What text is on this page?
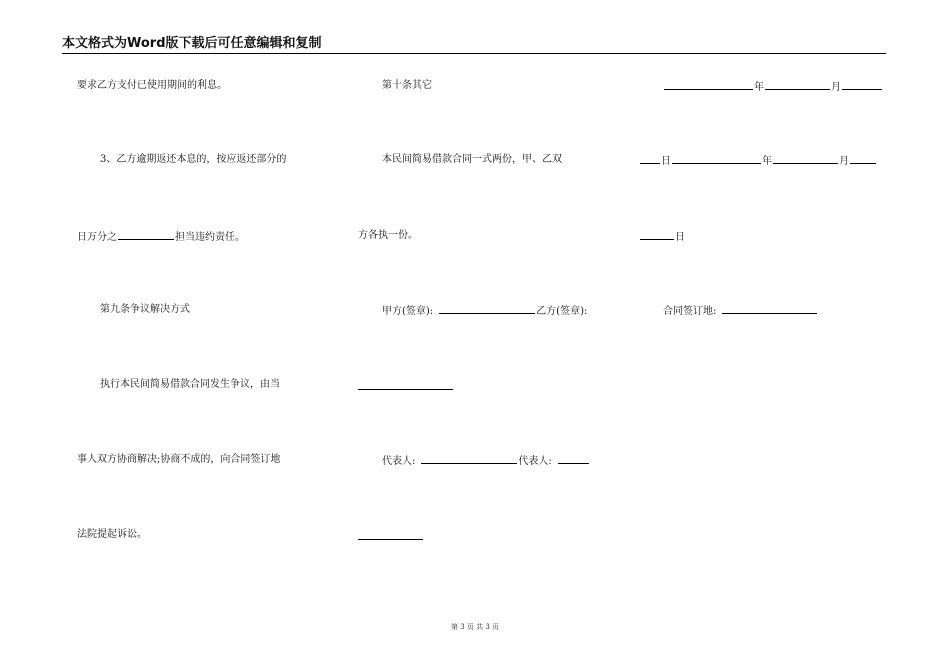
本文格式为Word版下载后可任意编辑和复制
要求乙方支付已使用期间的利息。
3、乙方逾期返还本息的，按应返还部分的
日万分之	担当违约责任。
第九条争议解决方式
执行本民间简易借款合同发生争议，由当
事人双方协商解决;协商不成的，向合同签订地
法院提起诉讼。
第十条其它
本民间简易借款合同一式两份，甲、乙双
方各执一份。
甲方(签章):	乙方(签章):
代表人:	代表人:
年	月
日	年	月
日
合同签订地:
第 3 页 共 3 页
